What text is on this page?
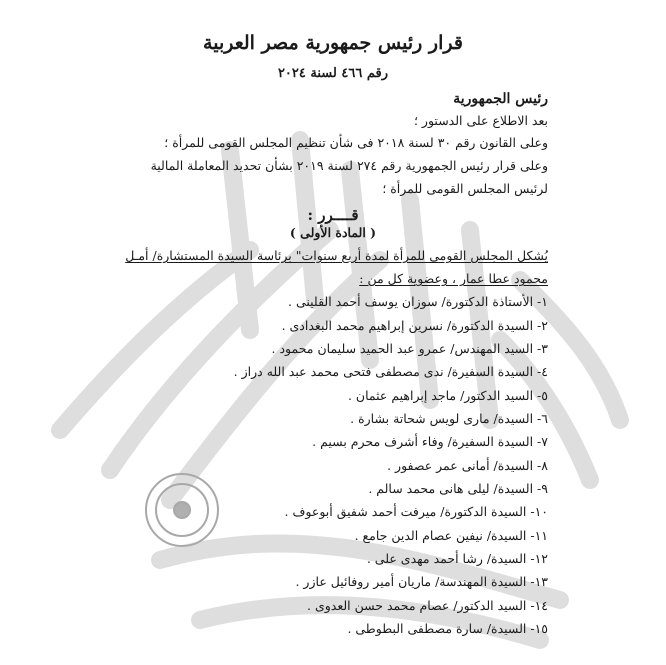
قرار رئيس جمهورية مصر العربية
رقم ٤٦٦ لسنة ٢٠٢٤
رئيس الجمهورية
بعد الاطلاع على الدستور ؛
وعلى القانون رقم ٣٠ لسنة ٢٠١٨ فى شأن تنظيم المجلس القومى للمرأة ؛
وعلى قرار رئيس الجمهورية رقم ٢٧٤ لسنة ٢٠١٩ بشأن تحديد المعاملة المالية
لرئيس المجلس القومى للمرأة ؛
قــــرر :
( المادة الأولى )
يُشكل المجلس القومى للمرأة لمدة أربع سنوات" برئاسة السيدة المستشارة/ أمـل
محمود عطا عمار ، وعضوية كل من :
١- الأستاذة الدكتورة/ سوزان يوسف أحمد القلينى .
٢- السيدة الدكتورة/ نسرين إبراهيم محمد البغدادى .
٣- السيد المهندس/ عمرو عبد الحميد سليمان محمود .
٤- السيدة السفيرة/ ندى مصطفى فتحى محمد عبد الله دراز .
٥- السيد الدكتور/ ماجد إبراهيم عثمان .
٦- السيدة/ مارى لويس شحاتة بشارة .
٧- السيدة السفيرة/ وفاء أشرف محرم بسيم .
٨- السيدة/ أمانى عمر عصفور .
٩- السيدة/ ليلى هانى محمد سالم .
١٠- السيدة الدكتورة/ ميرفت أحمد شفيق أبوعوف .
١١- السيدة/ نيفين عصام الدين جامع .
١٢- السيدة/ رشا أحمد مهدى على .
١٣- السيدة المهندسة/ ماريان أمير روفائيل عازر .
١٤- السيد الدكتور/ عصام محمد حسن العدوى .
١٥- السيدة/ سارة مصطفى البطوطى .
